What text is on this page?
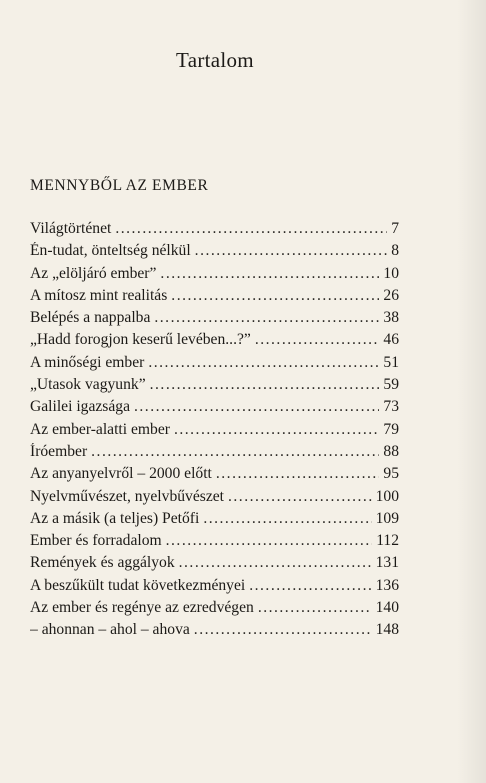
Tartalom
MENNYBŐL AZ EMBER
Világtörténet . . .	7
Én-tudat, önteltség nélkül . . .	8
Az „elöljáró ember” . . .	10
A mítosz mint realitás . . .	26
Belépés a nappalba . . .	38
„Hadd forogjon keserű levében...?” . . .	46
A minőségi ember . . .	51
„Utasok vagyunk” . . .	59
Galilei igazsága . . .	73
Az ember-alatti ember . . .	79
Íróember . . .	88
Az anyanyelvről – 2000 előtt . . .	95
Nyelvművészet, nyelvbűvészet . . .	100
Az a másik (a teljes) Petőfi . . .	109
Ember és forradalom . . .	112
Remények és aggályok . . .	131
A beszűkült tudat következményei . . .	136
Az ember és regénye az ezredvégen . . .	140
– ahonnan – ahol – ahova . . .	148
